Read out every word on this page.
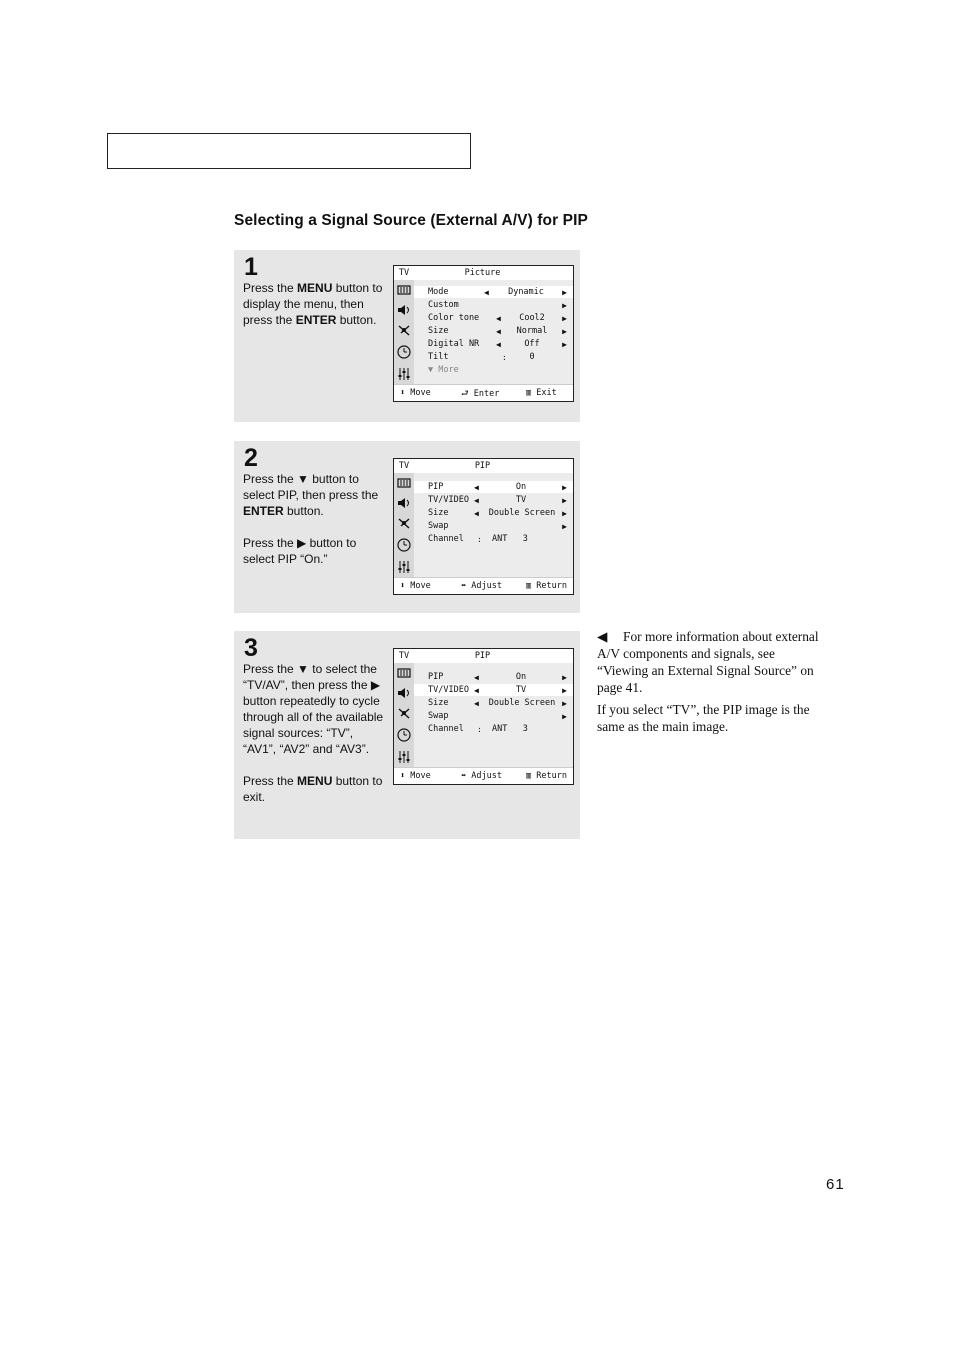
Selecting a Signal Source (External A/V) for PIP
1

Press the MENU button to display the menu, then press the ENTER button.

TV	Picture
Mode	◀	Dynamic	▶
Custom	▶
Color tone ◀	Cool2	▶
Size	◀	Normal	▶
Digital NR ◀	Off	▶
Tilt	:	0
▼ More
⬍ Move	⮐ Enter	▥ Exit
2

Press the ▼ button to select PIP, then press the ENTER button.

Press the ▶ button to select PIP “On.”

TV	PIP
PIP	◀	On	▶
TV/VIDEO ◀	TV	▶
Size	◀	Double Screen ▶
Swap	▶
Channel : ANT   3
⬍ Move	⬌ Adjust	▥ Return
3

Press the ▼ to select the “TV/AV”, then press the ▶ button repeatedly to cycle through all of the available signal sources: “TV”, “AV1”, “AV2” and “AV3”.

Press the MENU button to exit.

TV	PIP
PIP	◀	On	▶
TV/VIDEO ◀	TV	▶
Size	◀	Double Screen ▶
Swap	▶
Channel : ANT   3
⬍ Move	⬌ Adjust	▥ Return

◀ For more information about external A/V components and signals, see “Viewing an External Signal Source” on page 41.

If you select “TV”, the PIP image is the same as the main image.

61
